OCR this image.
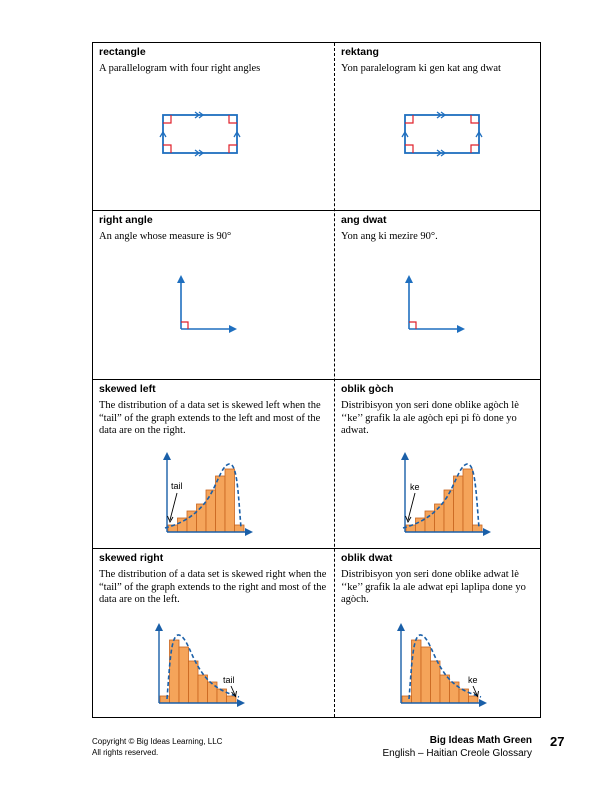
rectangle
A parallelogram with four right angles
rektang
Yon paralelogram ki gen kat ang dwat
right angle
An angle whose measure is 90°
ang dwat
Yon ang ki mezire 90°.
skewed left
The distribution of a data set is skewed left when the “tail” of the graph extends to the left and most of the data are on the right.
tail
oblik gòch
Distribisyon yon seri done oblike agòch lè ‘‘ke’’ grafik la ale agòch epi pi fò done yo adwat.
ke
skewed right
The distribution of a data set is skewed right when the “tail” of the graph extends to the right and most of the data are on the left.
tail
oblik dwat
Distribisyon yon seri done oblike adwat lè ‘‘ke’’ grafik la ale adwat epi laplipa done yo agòch.
ke
Copyright © Big Ideas Learning, LLC
All rights reserved.
Big Ideas Math Green
English – Haitian Creole Glossary
27
